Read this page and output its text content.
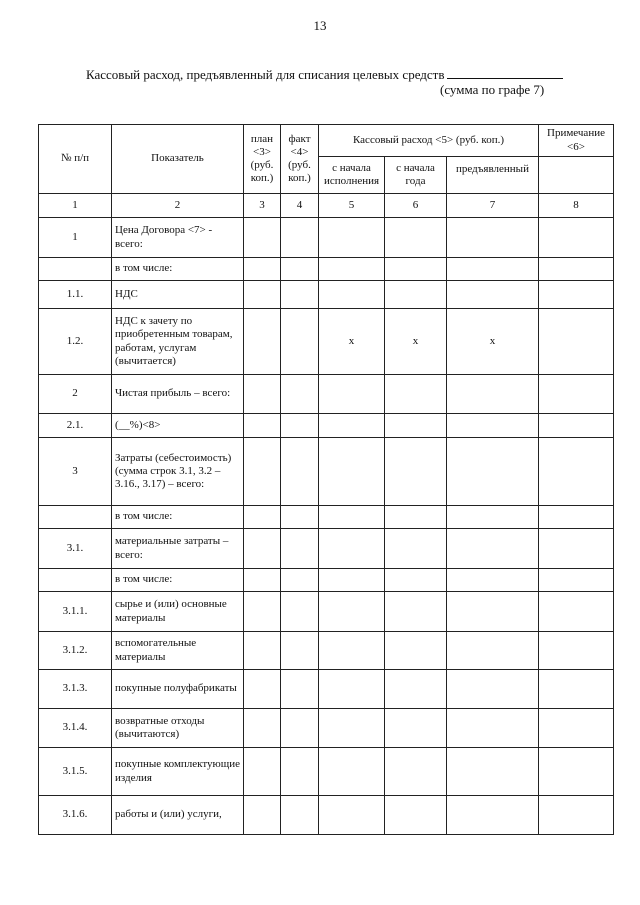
13
Кассовый расход, предъявленный для списания целевых средств
(сумма по графе 7)
№ п/п	Показатель	план <3> (руб. коп.)	факт <4> (руб. коп.)	Кассовый расход <5> (руб. коп.)			Примечание <6>
				с начала исполнения	с начала года	предъявленный	
1	2	3	4	5	6	7	8
1	Цена Договора <7> - всего:						
	в том числе:						
1.1.	НДС						
1.2.	НДС к зачету по приобретенным товарам, работам, услугам (вычитается)			x	x	x	
2	Чистая прибыль – всего:						
2.1.	(__%)<8>						
3	Затраты (себестоимость) (сумма строк 3.1, 3.2 – 3.16., 3.17) – всего:						
	в том числе:						
3.1.	материальные затраты – всего:						
	в том числе:						
3.1.1.	сырье и (или) основные материалы						
3.1.2.	вспомогательные материалы						
3.1.3.	покупные полуфабрикаты						
3.1.4.	возвратные отходы (вычитаются)						
3.1.5.	покупные комплектующие изделия						
3.1.6.	работы и (или) услуги,						
